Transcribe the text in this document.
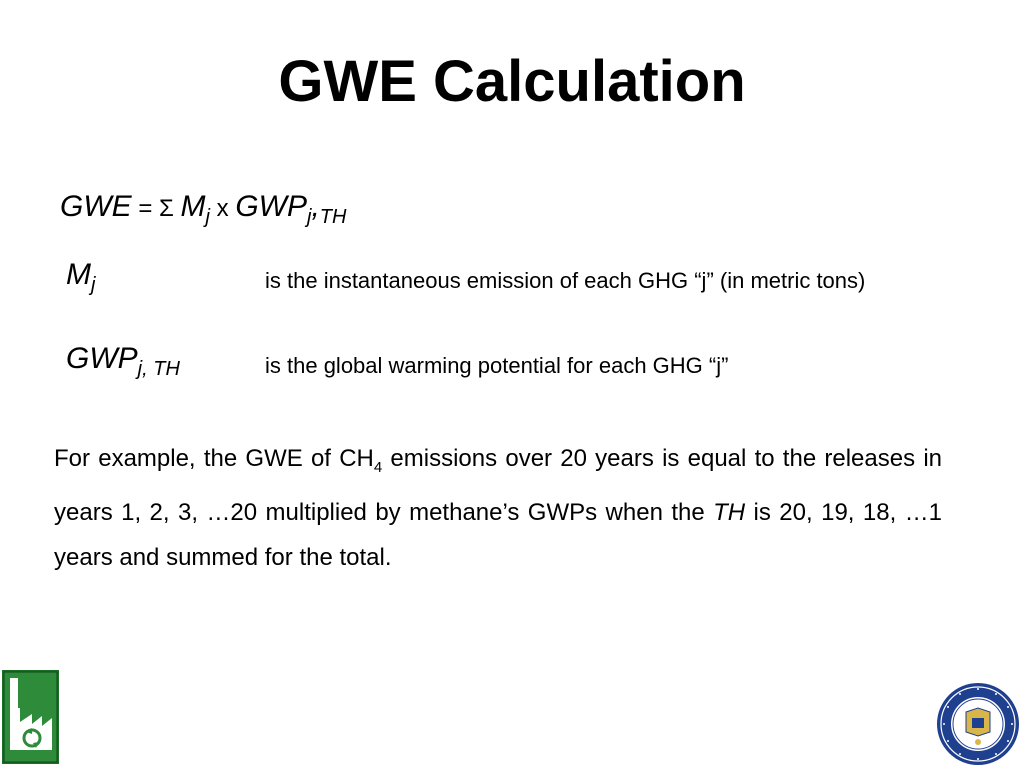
GWE Calculation
GWE = Σ $M_j$ x $GWP_j,_{TH}$
$M_j$	is the instantaneous emission of each GHG “j” (in metric tons)
$GWP_{j, TH}$	is the global warming potential for each GHG “j”
For example, the GWE of $CH_4$ emissions over 20 years is equal to the releases in years 1, 2, 3, …20 multiplied by methane’s GWPs when the TH is 20, 19, 18, …1 years and summed for the total.
